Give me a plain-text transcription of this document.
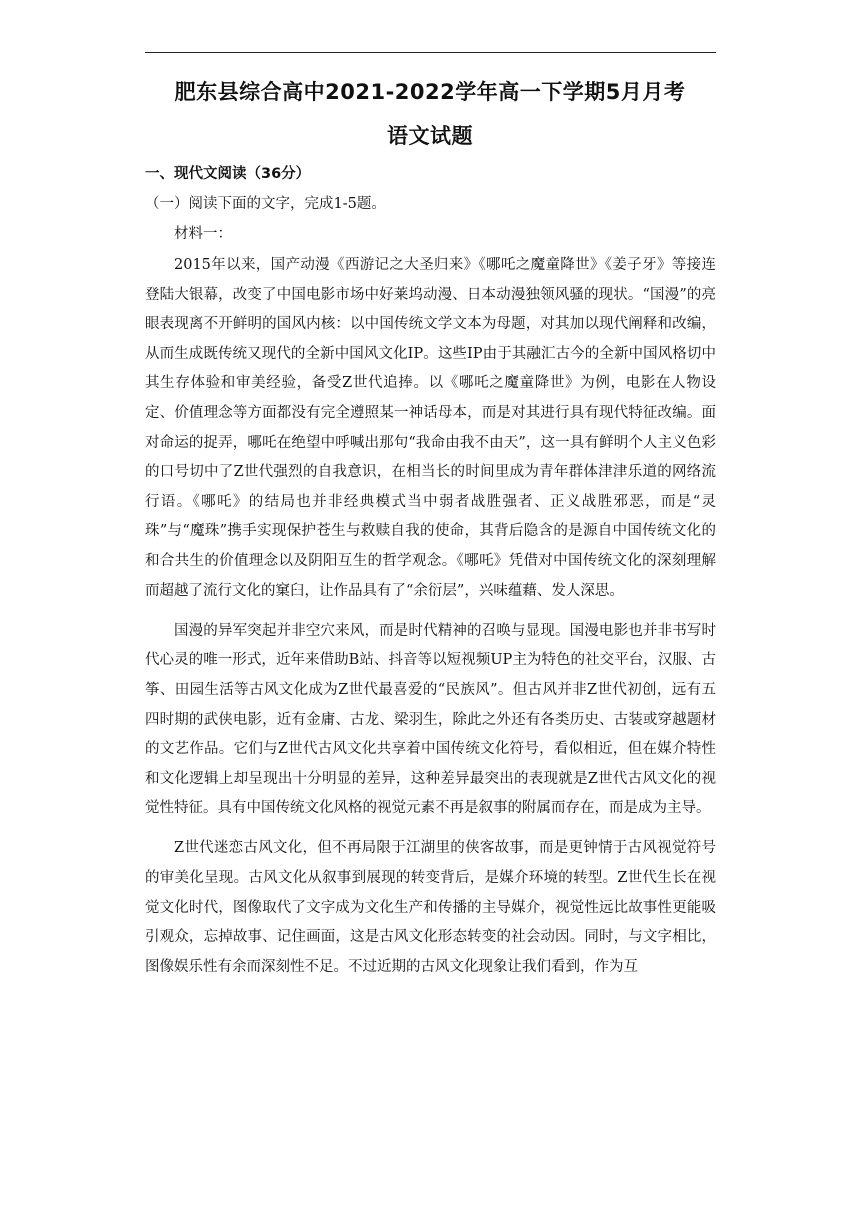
肥东县综合高中2021-2022学年高一下学期5月月考
语文试题
一、现代文阅读（36分）
（一）阅读下面的文字，完成1-5题。
材料一：

2015年以来，国产动漫《西游记之大圣归来》《哪吒之魔童降世》《姜子牙》等接连登陆大银幕，改变了中国电影市场中好莱坞动漫、日本动漫独领风骚的现状。“国漫”的亮眼表现离不开鲜明的国风内核：以中国传统文学文本为母题，对其加以现代阐释和改编，从而生成既传统又现代的全新中国风文化IP。这些IP由于其融汇古今的全新中国风格切中其生存体验和审美经验，备受Z世代追捧。以《哪吒之魔童降世》为例，电影在人物设定、价值理念等方面都没有完全遵照某一神话母本，而是对其进行具有现代特征改编。面对命运的捉弄，哪吒在绝望中呼喊出那句“我命由我不由天”，这一具有鲜明个人主义色彩的口号切中了Z世代强烈的自我意识，在相当长的时间里成为青年群体津津乐道的网络流行语。《哪吒》的结局也并非经典模式当中弱者战胜强者、正义战胜邪恶，而是“灵珠”与“魔珠”携手实现保护苍生与救赎自我的使命，其背后隐含的是源自中国传统文化的和合共生的价值理念以及阴阳互生的哲学观念。《哪吒》凭借对中国传统文化的深刻理解而超越了流行文化的窠臼，让作品具有了“余衍层”，兴味蕴藉、发人深思。

国漫的异军突起并非空穴来风，而是时代精神的召唤与显现。国漫电影也并非书写时代心灵的唯一形式，近年来借助B站、抖音等以短视频UP主为特色的社交平台，汉服、古筝、田园生活等古风文化成为Z世代最喜爱的“民族风”。但古风并非Z世代初创，远有五四时期的武侠电影，近有金庸、古龙、梁羽生，除此之外还有各类历史、古装或穿越题材的文艺作品。它们与Z世代古风文化共享着中国传统文化符号，看似相近，但在媒介特性和文化逻辑上却呈现出十分明显的差异，这种差异最突出的表现就是Z世代古风文化的视觉性特征。具有中国传统文化风格的视觉元素不再是叙事的附属而存在，而是成为主导。

Z世代迷恋古风文化，但不再局限于江湖里的侠客故事，而是更钟情于古风视觉符号的审美化呈现。古风文化从叙事到展现的转变背后，是媒介环境的转型。Z世代生长在视觉文化时代，图像取代了文字成为文化生产和传播的主导媒介，视觉性远比故事性更能吸引观众，忘掉故事、记住画面，这是古风文化形态转变的社会动因。同时，与文字相比，图像娱乐性有余而深刻性不足。不过近期的古风文化现象让我们看到，作为互
